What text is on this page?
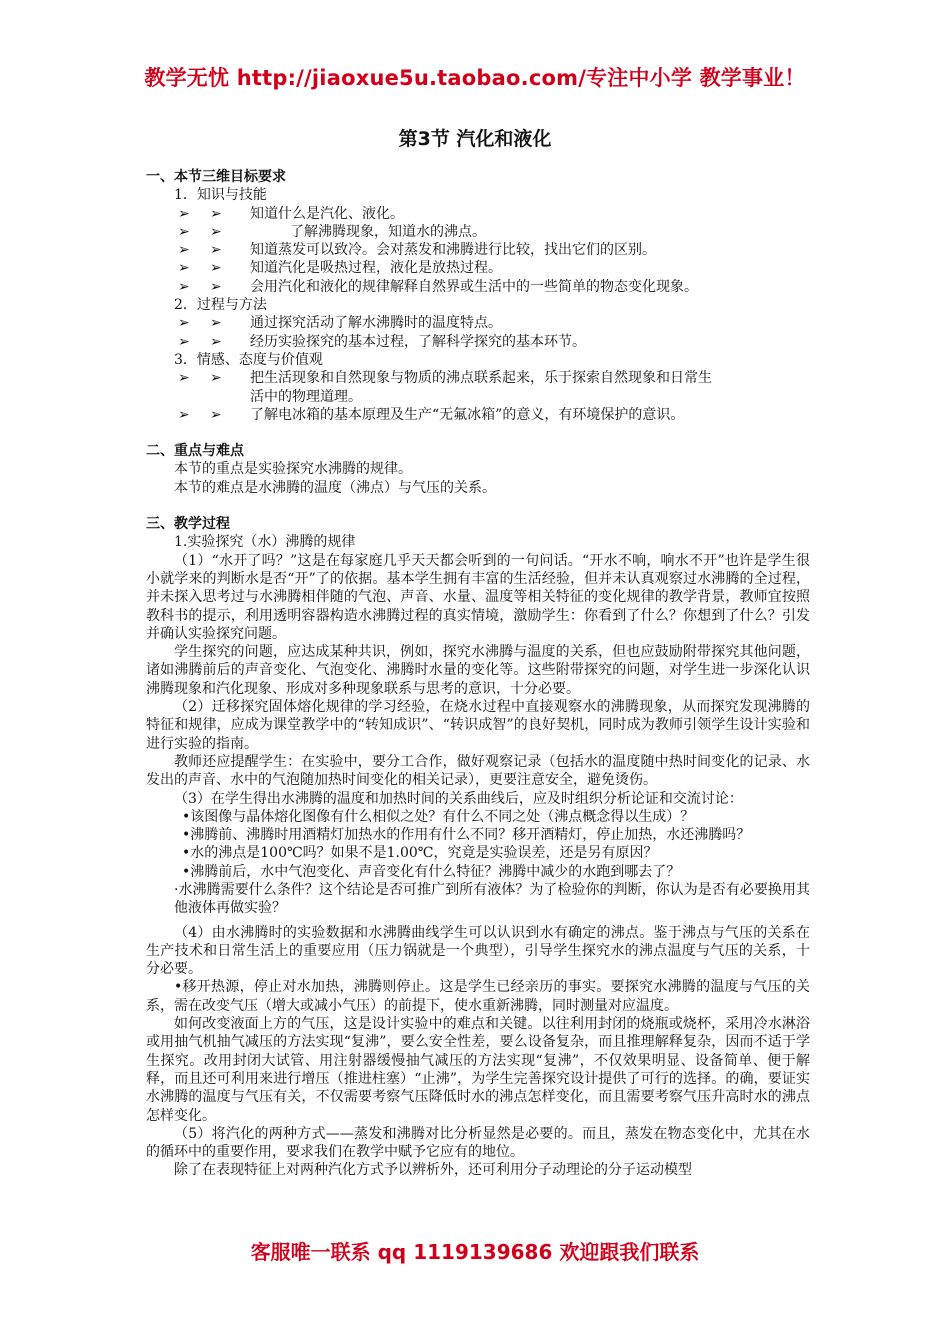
教学无忧 http://jiaoxue5u.taobao.com/专注中小学 教学事业！
第3节 汽化和液化
一、本节三维目标要求
1．知识与技能
➢ ➢ 知道什么是汽化、液化。
➢ ➢	了解沸腾现象，知道水的沸点。
➢ ➢ 知道蒸发可以致冷。会对蒸发和沸腾进行比较，找出它们的区别。
➢ ➢ 知道汽化是吸热过程，液化是放热过程。
➢ ➢ 会用汽化和液化的规律解释自然界或生活中的一些简单的物态变化现象。
2．过程与方法
➢ ➢ 通过探究活动了解水沸腾时的温度特点。
➢ ➢ 经历实验探究的基本过程，了解科学探究的基本环节。
3．情感、态度与价值观
➢ ➢ 把生活现象和自然现象与物质的沸点联系起来，乐于探索自然现象和日常生
活中的物理道理。
➢ ➢ 了解电冰箱的基本原理及生产“无氟冰箱”的意义，有环境保护的意识。
二、重点与难点
本节的重点是实验探究水沸腾的规律。
本节的难点是水沸腾的温度（沸点）与气压的关系。
三、教学过程
1.实验探究（水）沸腾的规律

（1）“水开了吗？”这是在每家庭几乎天天都会听到的一句问话。“开水不响，响水不开”也许是学生很小就学来的判断水是否“开”了的依据。基本学生拥有丰富的生活经验，但并未认真观察过水沸腾的全过程，并未探入思考过与水沸腾相伴随的气泡、声音、水量、温度等相关特征的变化规律的教学背景，教师宜按照教科书的提示，利用透明容器构造水沸腾过程的真实情境，激励学生：你看到了什么？你想到了什么？引发并确认实验探究问题。

学生探究的问题，应达成某种共识，例如，探究水沸腾与温度的关系，但也应鼓励附带探究其他问题，诸如沸腾前后的声音变化、气泡变化、沸腾时水量的变化等。这些附带探究的问题，对学生进一步深化认识沸腾现象和汽化现象、形成对多种现象联系与思考的意识，十分必要。

（2）迁移探究固体熔化规律的学习经验，在烧水过程中直接观察水的沸腾现象，从而探究发现沸腾的特征和规律，应成为课堂教学中的“转知成识”、“转识成智”的良好契机，同时成为教师引领学生设计实验和进行实验的指南。

教师还应提醒学生：在实验中，要分工合作，做好观察记录（包括水的温度随中热时间变化的记录、水发出的声音、水中的气泡随加热时间变化的相关记录），更要注意安全，避免烫伤。

（3）在学生得出水沸腾的温度和加热时间的关系曲线后，应及时组织分析论证和交流讨论：

•该图像与晶体熔化图像有什么相似之处？有什么不同之处（沸点概念得以生成）？

•沸腾前、沸腾时用酒精灯加热水的作用有什么不同？移开酒精灯，停止加热，水还沸腾吗？

•水的沸点是100℃吗？如果不是1.00℃，究竟是实验误差，还是另有原因？

•沸腾前后，水中气泡变化、声音变化有什么特征？沸腾中减少的水跑到哪去了？

·水沸腾需要什么条件？这个结论是否可推广到所有液体？为了检验你的判断，你认为是否有必要换用其他液体再做实验？

（4）由水沸腾时的实验数据和水沸腾曲线学生可以认识到水有确定的沸点。鉴于沸点与气压的关系在生产技术和日常生活上的重要应用（压力锅就是一个典型），引导学生探究水的沸点温度与气压的关系，十分必要。

•移开热源，停止对水加热，沸腾则停止。这是学生已经亲历的事实。要探究水沸腾的温度与气压的关系，需在改变气压（增大或减小气压）的前提下，使水重新沸腾，同时测量对应温度。

如何改变液面上方的气压，这是设计实验中的难点和关键。以往利用封闭的烧瓶或烧杯，采用冷水淋浴或用抽气机抽气减压的方法实现“复沸”，要么安全性差，要么设备复杂，而且推理解释复杂，因而不适于学生探究。改用封闭大试管、用注射器缓慢抽气减压的方法实现“复沸”，不仅效果明显、设备简单、便于解释，而且还可利用来进行增压（推进柱塞）“止沸”，为学生完善探究设计提供了可行的选择。的确，要证实水沸腾的温度与气压有关，不仅需要考察气压降低时水的沸点怎样变化，而且需要考察气压升高时水的沸点怎样变化。

（5）将汽化的两种方式——蒸发和沸腾对比分析显然是必要的。而且，蒸发在物态变化中，尤其在水的循环中的重要作用，要求我们在教学中赋予它应有的地位。

除了在表现特征上对两种汽化方式予以辨析外，还可利用分子动理论的分子运动模型

客服唯一联系 qq 1119139686 欢迎跟我们联系
